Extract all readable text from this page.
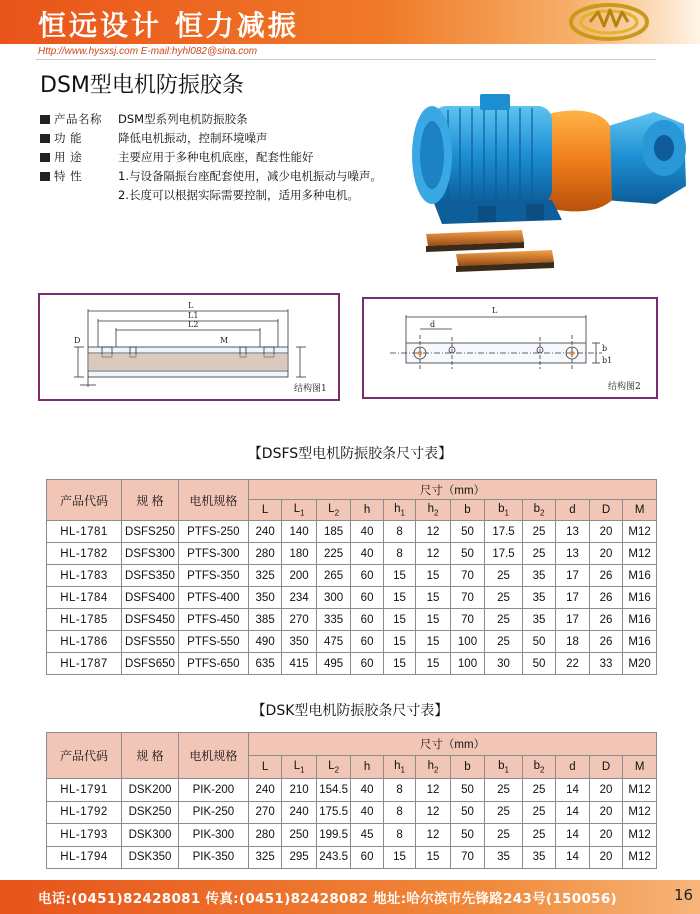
恒远设计 恒力减振
Http://www.hysxsj.com E-mail:hyhl082@sina.com
DSM型电机防振胶条
产品名称	DSM型系列电机防振胶条
功 能	降低电机振动，控制环境噪声
用 途	主要应用于多种电机底座，配套性能好
特 性	1.与设备隔振台座配套使用，减少电机振动与噪声。
2.长度可以根据实际需要控制，适用多种电机。
L
L1
L2
D	M
结构图1
L
d
b
b1
结构图2
【DSFS型电机防振胶条尺寸表】
产品代码	规 格	电机规格	尺寸（mm）											
			L	$L_1$	$L_2$	h	$h_1$	$h_2$	b	$b_1$	$b_2$	d	D	M
HL-1781	DSFS250	PTFS-250	240	140	185	40	8	12	50	17.5	25	13	20	M12
HL-1782	DSFS300	PTFS-300	280	180	225	40	8	12	50	17.5	25	13	20	M12
HL-1783	DSFS350	PTFS-350	325	200	265	60	15	15	70	25	35	17	26	M16
HL-1784	DSFS400	PTFS-400	350	234	300	60	15	15	70	25	35	17	26	M16
HL-1785	DSFS450	PTFS-450	385	270	335	60	15	15	70	25	35	17	26	M16
HL-1786	DSFS550	PTFS-550	490	350	475	60	15	15	100	25	50	18	26	M16
HL-1787	DSFS650	PTFS-650	635	415	495	60	15	15	100	30	50	22	33	M20
【DSK型电机防振胶条尺寸表】
产品代码	规 格	电机规格	尺寸（mm）											
			L	$L_1$	$L_2$	h	$h_1$	$h_2$	b	$b_1$	$b_2$	d	D	M
HL-1791	DSK200	PIK-200	240	210	154.5	40	8	12	50	25	25	14	20	M12
HL-1792	DSK250	PIK-250	270	240	175.5	40	8	12	50	25	25	14	20	M12
HL-1793	DSK300	PIK-300	280	250	199.5	45	8	12	50	25	25	14	20	M12
HL-1794	DSK350	PIK-350	325	295	243.5	60	15	15	70	35	35	14	20	M12
电话:(0451)82428081 传真:(0451)82428082 地址:哈尔滨市先锋路243号(150056)	16
